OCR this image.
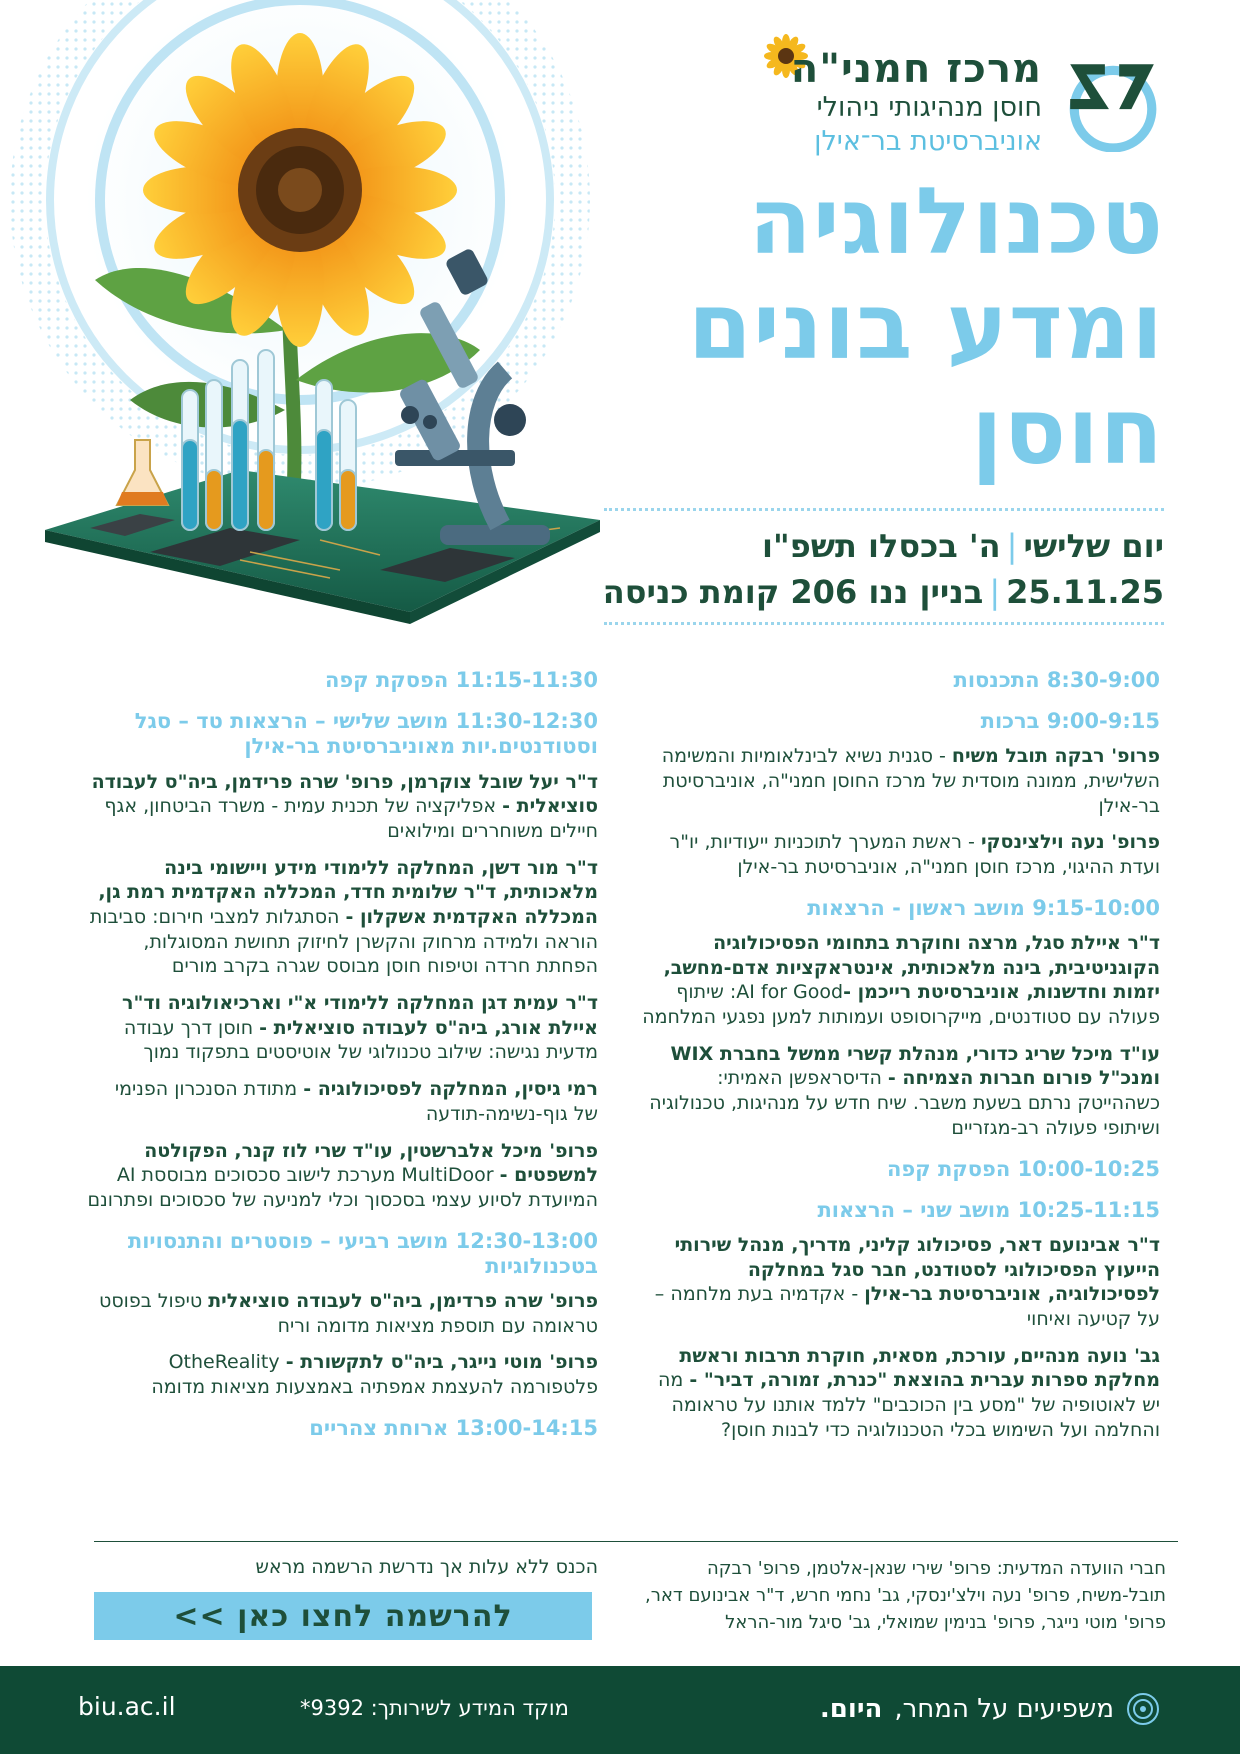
מרכז חמני"ה
חוסן מנהיגותי ניהולי
אוניברסיטת בר־אילן
טכנולוגיה
ומדע בונים
חוסן
יום שלישי|ה' בכסלו תשפ"ו
25.11.25|בניין ננו 206 קומת כניסה
8:30-9:00 התכנסות
9:00-9:15 ברכות
פרופ' רבקה תובל משיח - סגנית נשיא לבינלאומיות והמשימה השלישית, ממונה מוסדית של מרכז החוסן חמני"ה, אוניברסיטת בר-אילן
פרופ' נעה וילצינסקי - ראשת המערך לתוכניות ייעודיות, יו"ר ועדת ההיגוי, מרכז חוסן חמני"ה, אוניברסיטת בר-אילן
9:15-10:00 מושב ראשון - הרצאות
ד"ר איילת סגל, מרצה וחוקרת בתחומי הפסיכולוגיה הקוגניטיבית, בינה מלאכותית, אינטראקציות אדם-מחשב, יזמות וחדשנות, אוניברסיטת רייכמן -AI for Good: שיתוף פעולה עם סטודנטים, מייקרוסופט ועמותות למען נפגעי המלחמה
עו"ד מיכל שריג כדורי, מנהלת קשרי ממשל בחברת WIX ומנכ"ל פורום חברות הצמיחה - הדיסראפשן האמיתי: כשההייטק נרתם בשעת משבר. שיח חדש על מנהיגות, טכנולוגיה ושיתופי פעולה רב-מגזריים
10:00-10:25 הפסקת קפה
10:25-11:15 מושב שני – הרצאות
ד"ר אבינועם דאר, פסיכולוג קליני, מדריך, מנהל שירותי הייעוץ הפסיכולוגי לסטודנט, חבר סגל במחלקה לפסיכולוגיה, אוניברסיטת בר-אילן - אקדמיה בעת מלחמה – על קטיעה ואיחוי
גב' נועה מנהיים, עורכת, מסאית, חוקרת תרבות וראשת מחלקת ספרות עברית בהוצאת "כנרת, זמורה, דביר" - מה יש לאוטופיה של "מסע בין הכוכבים" ללמד אותנו על טראומה והחלמה ועל השימוש בכלי הטכנולוגיה כדי לבנות חוסן?
11:15-11:30 הפסקת קפה
11:30-12:30 מושב שלישי – הרצאות טד – סגל וסטודנטים.יות מאוניברסיטת בר-אילן
ד"ר יעל שובל צוקרמן, פרופ' שרה פרידמן, ביה"ס לעבודה סוציאלית - אפליקציה של תכנית עמית - משרד הביטחון, אגף חיילים משוחררים ומילואים
ד"ר מור דשן, המחלקה ללימודי מידע ויישומי בינה מלאכותית, ד"ר שלומית חדד, המכללה האקדמית רמת גן, המכללה האקדמית אשקלון - הסתגלות למצבי חירום: סביבות הוראה ולמידה מרחוק והקשרן לחיזוק תחושת המסוגלות, הפחתת חרדה וטיפוח חוסן מבוסס שגרה בקרב מורים
ד"ר עמית דגן המחלקה ללימודי א"י וארכיאולוגיה וד"ר איילת אורג, ביה"ס לעבודה סוציאלית - חוסן דרך עבודה מדעית נגישה: שילוב טכנולוגי של אוטיסטים בתפקוד נמוך
רמי גיסין, המחלקה לפסיכולוגיה - מתודת הסנכרון הפנימי של גוף-נשימה-תודעה
פרופ' מיכל אלברשטין, עו"ד שרי לוז קנר, הפקולטה למשפטים - MultiDoor מערכת לישוב סכסוכים מבוססת AI המיועדת לסיוע עצמי בסכסוך וכלי למניעה של סכסוכים ופתרונם
12:30-13:00 מושב רביעי – פוסטרים והתנסויות בטכנולוגיות
פרופ' שרה פרדימן, ביה"ס לעבודה סוציאלית טיפול בפוסט טראומה עם תוספת מציאות מדומה וריח
פרופ' מוטי נייגר, ביה"ס לתקשורת - OtheReality פלטפורמה להעצמת אמפתיה באמצעות מציאות מדומה
13:00-14:15 ארוחת צהריים
חברי הוועדה המדעית: פרופ' שירי שנאן-אלטמן, פרופ' רבקה תובל-משיח, פרופ' נעה וילצ'ינסקי, גב' נחמי חרש, ד"ר אבינועם דאר, פרופ' מוטי נייגר, פרופ' בנימין שמואלי, גב' סיגל מור-הראל
הכנס ללא עלות אך נדרשת הרשמה מראש
להרשמה לחצו כאן >>
משפיעים על המחר,
היום.
מוקד המידע לשירותך: 9392*
biu.ac.il
